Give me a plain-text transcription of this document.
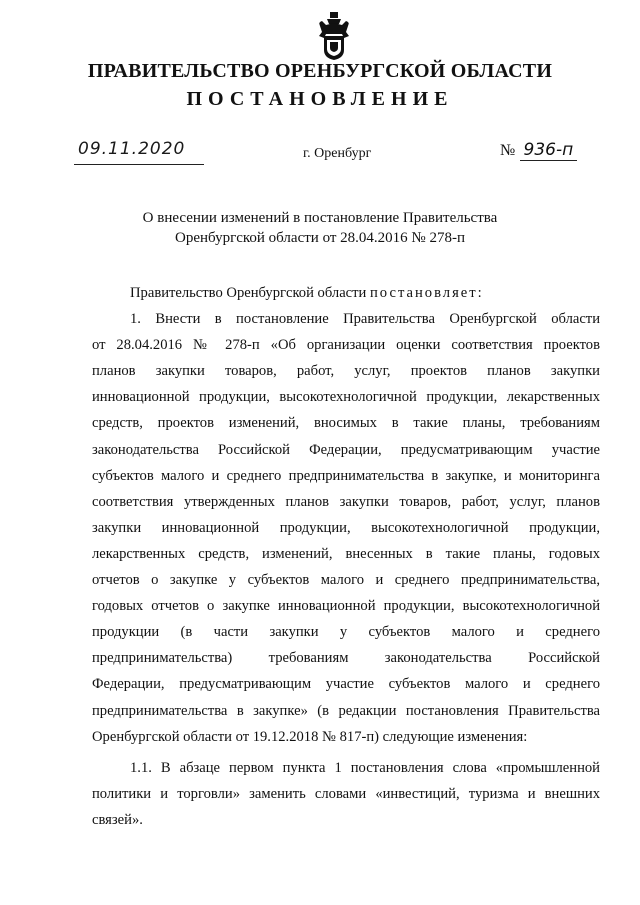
ПРАВИТЕЛЬСТВО ОРЕНБУРГСКОЙ ОБЛАСТИ
ПОСТАНОВЛЕНИЕ
09.11.2020	г. Оренбург	№ 936-п
О внесении изменений в постановление Правительства
Оренбургской области от 28.04.2016 № 278-п
Правительство Оренбургской области постановляет:
1. Внести в постановление Правительства Оренбургской области
от 28.04.2016 № 278-п «Об организации оценки соответствия проектов
планов закупки товаров, работ, услуг, проектов планов закупки
инновационной продукции, высокотехнологичной продукции, лекарственных
средств, проектов изменений, вносимых в такие планы, требованиям
законодательства Российской Федерации, предусматривающим участие
субъектов малого и среднего предпринимательства в закупке, и мониторинга
соответствия утвержденных планов закупки товаров, работ, услуг, планов
закупки инновационной продукции, высокотехнологичной продукции,
лекарственных средств, изменений, внесенных в такие планы, годовых
отчетов о закупке у субъектов малого и среднего предпринимательства,
годовых отчетов о закупке инновационной продукции, высокотехнологичной
продукции (в части закупки у субъектов малого и среднего
предпринимательства) требованиям законодательства Российской
Федерации, предусматривающим участие субъектов малого и среднего
предпринимательства в закупке» (в редакции постановления Правительства
Оренбургской области от 19.12.2018 № 817-п) следующие изменения:
1.1. В абзаце первом пункта 1 постановления слова «промышленной
политики и торговли» заменить словами «инвестиций, туризма и внешних
связей».
